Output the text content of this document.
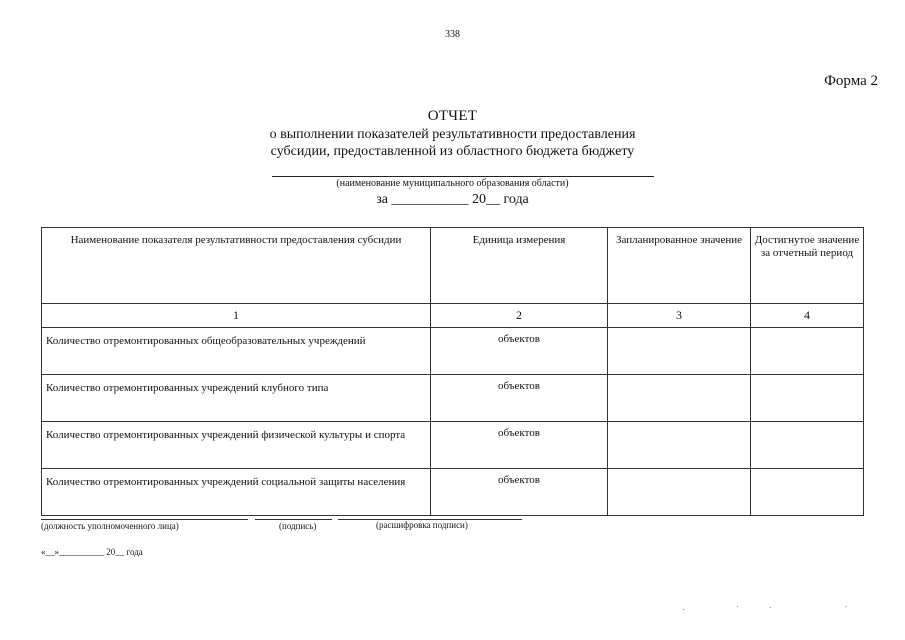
338
Форма 2
ОТЧЕТ
о выполнении показателей результативности предоставления
субсидии, предоставленной из областного бюджета бюджету
(наименование муниципального образования области)
за ___________ 20__ года
Наименование показателя результативности предоставления субсидии	Единица измерения	Запланированное значение	Достигнутое значение за отчетный период
1	2	3	4
Количество отремонтированных общеобразовательных учреждений	объектов		
Количество отремонтированных учреждений клубного типа	объектов		
Количество отремонтированных учреждений физической культуры и спорта	объектов		
Количество отремонтированных учреждений социальной защиты населения	объектов		
(должность уполномоченного лица)	(подпись)	(расшифровка подписи)
«__»__________ 20__ года
